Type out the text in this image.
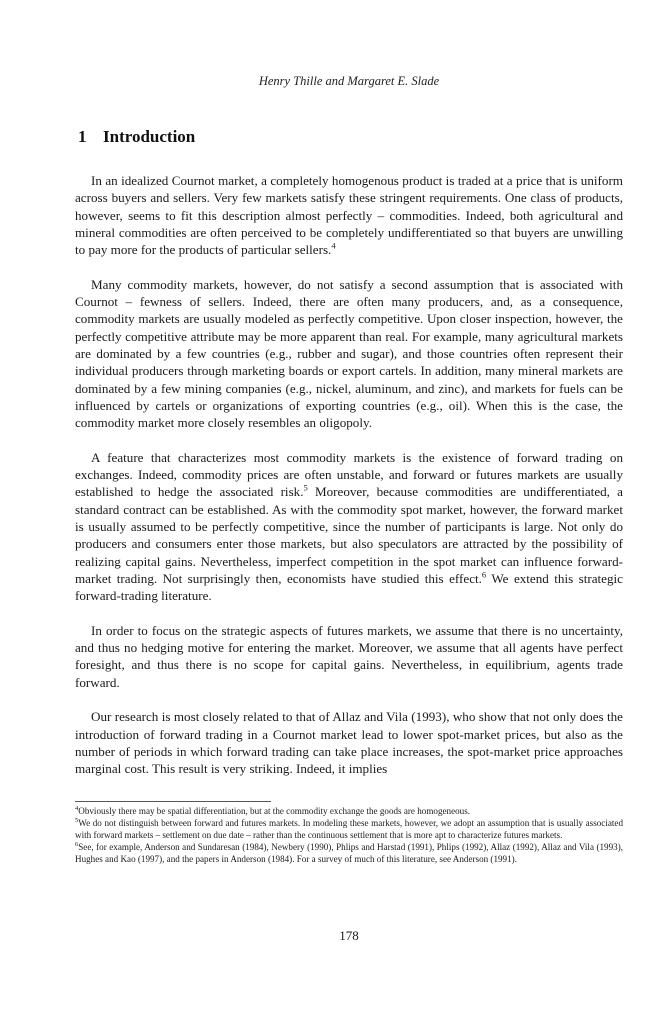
Henry Thille and Margaret E. Slade
1 Introduction

In an idealized Cournot market, a completely homogenous product is traded at a price that is uniform across buyers and sellers. Very few markets satisfy these stringent requirements. One class of products, however, seems to fit this description almost perfectly – commodities. Indeed, both agricultural and mineral commodities are often perceived to be completely undifferentiated so that buyers are unwilling to pay more for the products of particular sellers.$^4$

Many commodity markets, however, do not satisfy a second assumption that is associated with Cournot – fewness of sellers. Indeed, there are often many producers, and, as a consequence, commodity markets are usually modeled as perfectly competitive. Upon closer inspection, however, the perfectly competitive attribute may be more apparent than real. For example, many agricultural markets are dominated by a few countries (e.g., rubber and sugar), and those countries often represent their individual producers through marketing boards or export cartels. In addition, many mineral markets are dominated by a few mining companies (e.g., nickel, aluminum, and zinc), and markets for fuels can be influenced by cartels or organizations of exporting countries (e.g., oil). When this is the case, the commodity market more closely resembles an oligopoly.

A feature that characterizes most commodity markets is the existence of forward trading on exchanges. Indeed, commodity prices are often unstable, and forward or futures markets are usually established to hedge the associated risk.$^5$ Moreover, because commodities are undifferentiated, a standard contract can be established. As with the commodity spot market, however, the forward market is usually assumed to be perfectly competitive, since the number of participants is large. Not only do producers and consumers enter those markets, but also speculators are attracted by the possibility of realizing capital gains. Nevertheless, imperfect competition in the spot market can influence forward-market trading. Not surprisingly then, economists have studied this effect.$^6$ We extend this strategic forward-trading literature.

In order to focus on the strategic aspects of futures markets, we assume that there is no uncertainty, and thus no hedging motive for entering the market. Moreover, we assume that all agents have perfect foresight, and thus there is no scope for capital gains. Nevertheless, in equilibrium, agents trade forward.

Our research is most closely related to that of Allaz and Vila (1993), who show that not only does the introduction of forward trading in a Cournot market lead to lower spot-market prices, but also as the number of periods in which forward trading can take place increases, the spot-market price approaches marginal cost. This result is very striking. Indeed, it implies

$^4$Obviously there may be spatial differentiation, but at the commodity exchange the goods are homogeneous.

$^5$We do not distinguish between forward and futures markets. In modeling these markets, however, we adopt an assumption that is usually associated with forward markets – settlement on due date – rather than the continuous settlement that is more apt to characterize futures markets.

$^6$See, for example, Anderson and Sundaresan (1984), Newbery (1990), Phlips and Harstad (1991), Phlips (1992), Allaz (1992), Allaz and Vila (1993), Hughes and Kao (1997), and the papers in Anderson (1984). For a survey of much of this literature, see Anderson (1991).

178
